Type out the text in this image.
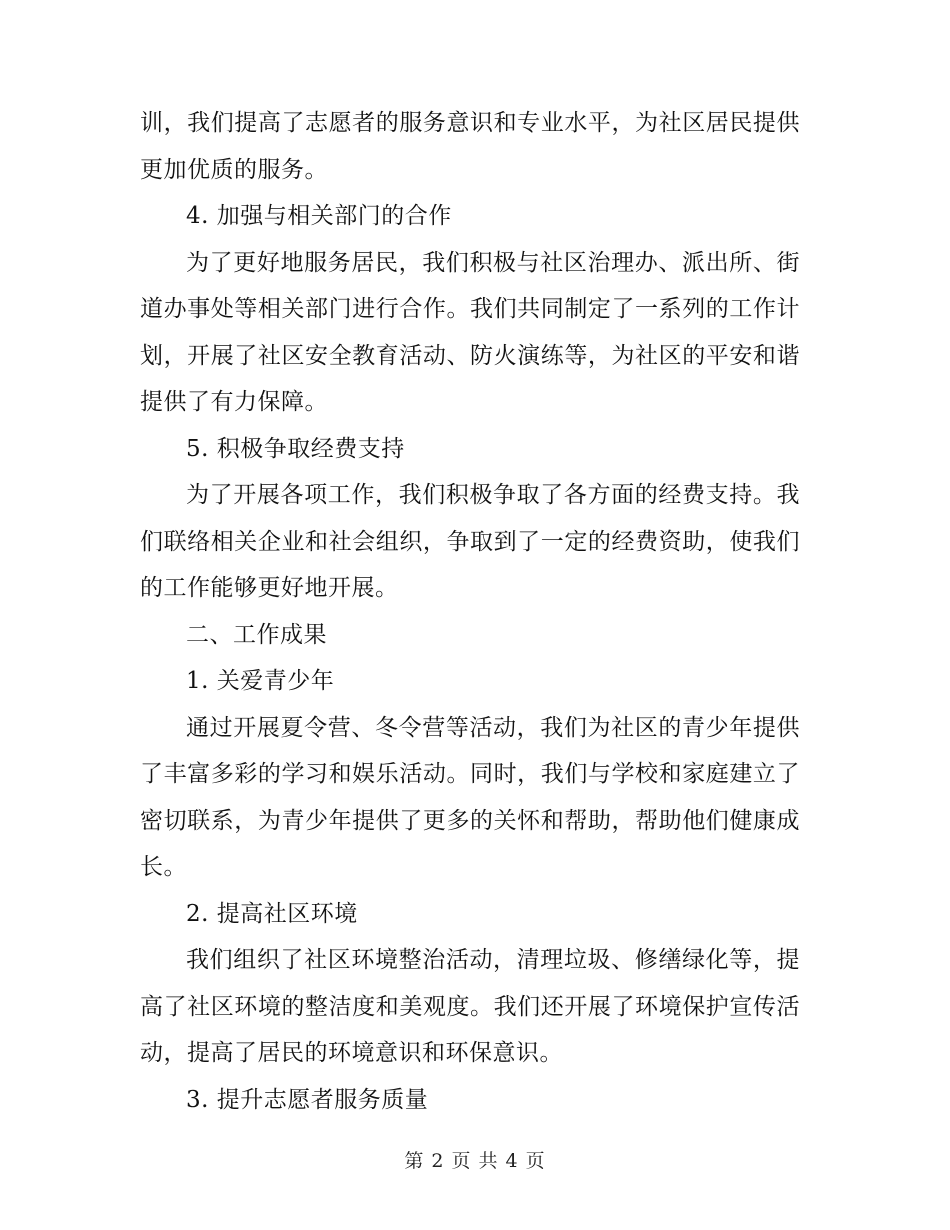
训，我们提高了志愿者的服务意识和专业水平，为社区居民提供更加优质的服务。

4. 加强与相关部门的合作

为了更好地服务居民，我们积极与社区治理办、派出所、街道办事处等相关部门进行合作。我们共同制定了一系列的工作计划，开展了社区安全教育活动、防火演练等，为社区的平安和谐提供了有力保障。

5. 积极争取经费支持

为了开展各项工作，我们积极争取了各方面的经费支持。我们联络相关企业和社会组织，争取到了一定的经费资助，使我们的工作能够更好地开展。

二、工作成果

1. 关爱青少年

通过开展夏令营、冬令营等活动，我们为社区的青少年提供了丰富多彩的学习和娱乐活动。同时，我们与学校和家庭建立了密切联系，为青少年提供了更多的关怀和帮助，帮助他们健康成长。

2. 提高社区环境

我们组织了社区环境整治活动，清理垃圾、修缮绿化等，提高了社区环境的整洁度和美观度。我们还开展了环境保护宣传活动，提高了居民的环境意识和环保意识。

3. 提升志愿者服务质量

第 2 页 共 4 页
